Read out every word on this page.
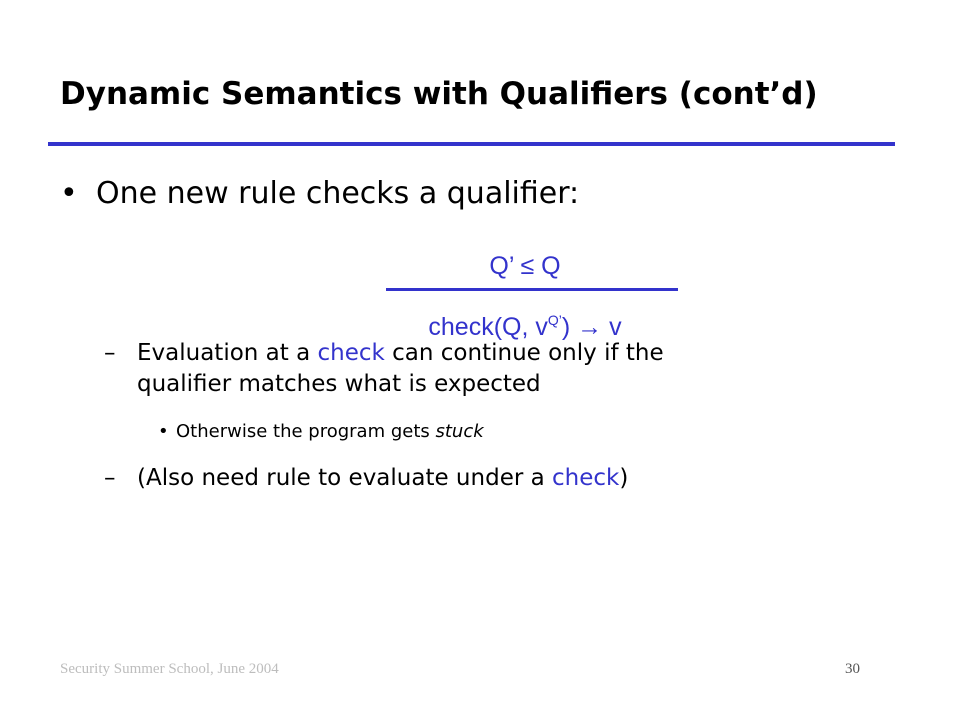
Dynamic Semantics with Qualifiers (cont’d)
• One new rule checks a qualifier:
Q’ ≤ Q
check(Q, $v^{Q’}) \to v$
– Evaluation at a check can continue only if the
qualifier matches what is expected
• Otherwise the program gets stuck
– (Also need rule to evaluate under a check)
Security Summer School, June 2004	30
